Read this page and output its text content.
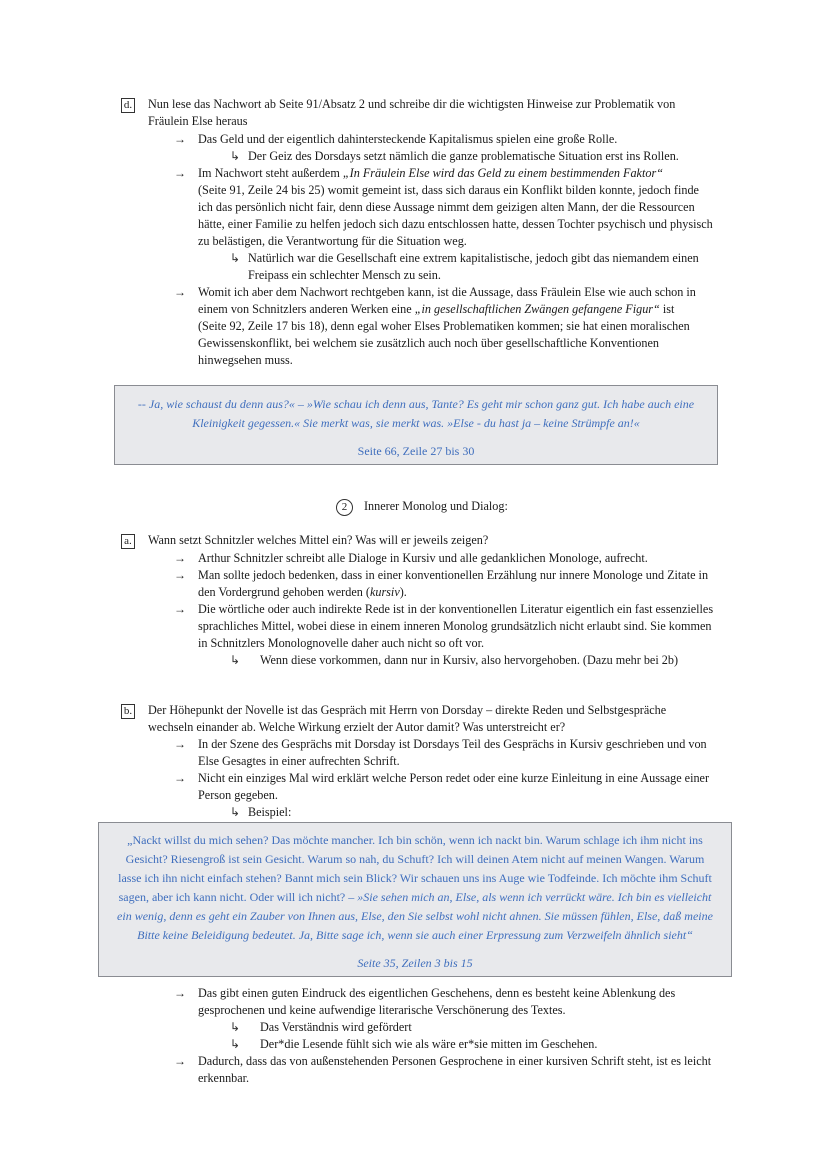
d. Nun lese das Nachwort ab Seite 91/Absatz 2 und schreibe dir die wichtigsten Hinweise zur Problematik von
Fräulein Else heraus
→ Das Geld und der eigentlich dahintersteckende Kapitalismus spielen eine große Rolle.
↳ Der Geiz des Dorsdays setzt nämlich die ganze problematische Situation erst ins Rollen.
→ Im Nachwort steht außerdem „In Fräulein Else wird das Geld zu einem bestimmenden Faktor“
(Seite 91, Zeile 24 bis 25) womit gemeint ist, dass sich daraus ein Konflikt bilden konnte, jedoch finde
ich das persönlich nicht fair, denn diese Aussage nimmt dem geizigen alten Mann, der die Ressourcen
hätte, einer Familie zu helfen jedoch sich dazu entschlossen hatte, dessen Tochter psychisch und physisch
zu belästigen, die Verantwortung für die Situation weg.
↳ Natürlich war die Gesellschaft eine extrem kapitalistische, jedoch gibt das niemandem einen
Freipass ein schlechter Mensch zu sein.
→ Womit ich aber dem Nachwort rechtgeben kann, ist die Aussage, dass Fräulein Else wie auch schon in
einem von Schnitzlers anderen Werken eine „in gesellschaftlichen Zwängen gefangene Figur“ ist
(Seite 92, Zeile 17 bis 18), denn egal woher Elses Problematiken kommen; sie hat einen moralischen
Gewissenskonflikt, bei welchem sie zusätzlich auch noch über gesellschaftliche Konventionen
hinwegsehen muss.
-- Ja, wie schaust du denn aus?« – »Wie schau ich denn aus, Tante? Es geht mir schon ganz gut. Ich habe auch eine
Kleinigkeit gegessen.« Sie merkt was, sie merkt was. »Else - du hast ja – keine Strümpfe an!«
Seite 66, Zeile 27 bis 30
2	Innerer Monolog und Dialog:
a. Wann setzt Schnitzler welches Mittel ein? Was will er jeweils zeigen?
→ Arthur Schnitzler schreibt alle Dialoge in Kursiv und alle gedanklichen Monologe, aufrecht.
→ Man sollte jedoch bedenken, dass in einer konventionellen Erzählung nur innere Monologe und Zitate in
den Vordergrund gehoben werden (kursiv).
→ Die wörtliche oder auch indirekte Rede ist in der konventionellen Literatur eigentlich ein fast essenzielles
sprachliches Mittel, wobei diese in einem inneren Monolog grundsätzlich nicht erlaubt sind. Sie kommen
in Schnitzlers Monolognovelle daher auch nicht so oft vor.
↳ Wenn diese vorkommen, dann nur in Kursiv, also hervorgehoben. (Dazu mehr bei 2b)
b. Der Höhepunkt der Novelle ist das Gespräch mit Herrn von Dorsday – direkte Reden und Selbstgespräche
wechseln einander ab. Welche Wirkung erzielt der Autor damit? Was unterstreicht er?
→ In der Szene des Gesprächs mit Dorsday ist Dorsdays Teil des Gesprächs in Kursiv geschrieben und von
Else Gesagtes in einer aufrechten Schrift.
→ Nicht ein einziges Mal wird erklärt welche Person redet oder eine kurze Einleitung in eine Aussage einer
Person gegeben.
↳ Beispiel:
„Nackt willst du mich sehen? Das möchte mancher. Ich bin schön, wenn ich nackt bin. Warum schlage ich ihm nicht ins
Gesicht? Riesengroß ist sein Gesicht. Warum so nah, du Schuft? Ich will deinen Atem nicht auf meinen Wangen. Warum
lasse ich ihn nicht einfach stehen? Bannt mich sein Blick? Wir schauen uns ins Auge wie Todfeinde. Ich möchte ihm Schuft
sagen, aber ich kann nicht. Oder will ich nicht? – »Sie sehen mich an, Else, als wenn ich verrückt wäre. Ich bin es vielleicht
ein wenig, denn es geht ein Zauber von Ihnen aus, Else, den Sie selbst wohl nicht ahnen. Sie müssen fühlen, Else, daß meine
Bitte keine Beleidigung bedeutet. Ja, Bitte sage ich, wenn sie auch einer Erpressung zum Verzweifeln ähnlich sieht“
Seite 35, Zeilen 3 bis 15
→ Das gibt einen guten Eindruck des eigentlichen Geschehens, denn es besteht keine Ablenkung des
gesprochenen und keine aufwendige literarische Verschönerung des Textes.
↳ Das Verständnis wird gefördert
↳ Der*die Lesende fühlt sich wie als wäre er*sie mitten im Geschehen.
→ Dadurch, dass das von außenstehenden Personen Gesprochene in einer kursiven Schrift steht, ist es leicht
erkennbar.
